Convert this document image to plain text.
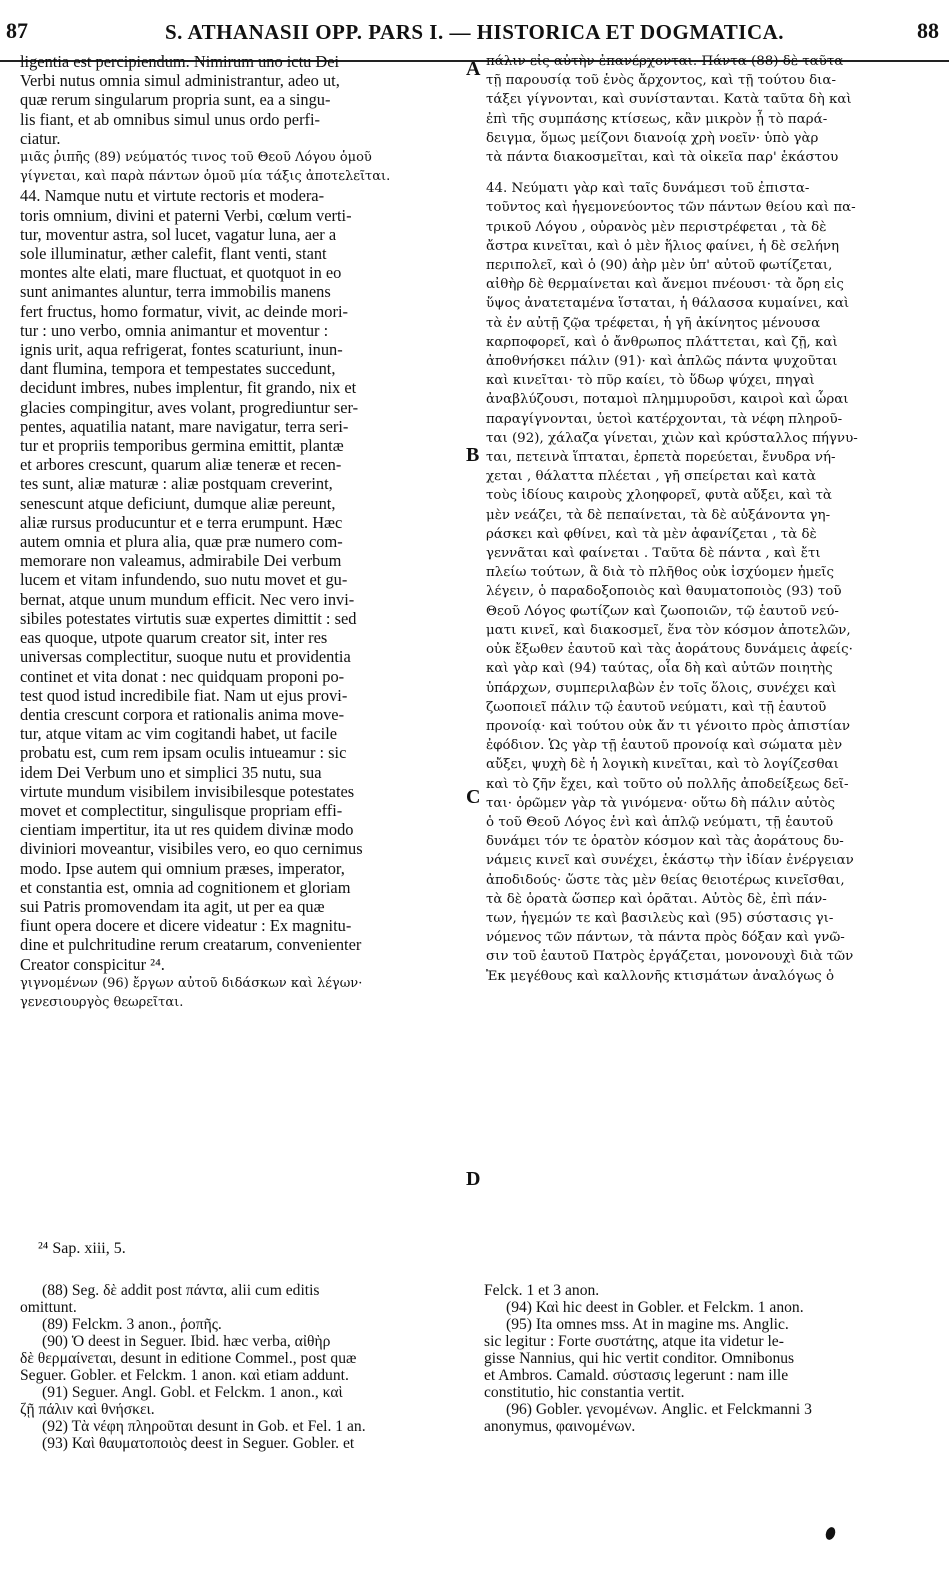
87	S. ATHANASII OPP. PARS I. — HISTORICA ET DOGMATICA.	88
ligentia est percipiendum. Nimirum uno ictu Dei
Verbi nutus omnia simul administrantur, adeo ut,
quæ rerum singularum propria sunt, ea a singu-
lis fiant, et ab omnibus simul unus ordo perfi-
ciatur.
μιᾶς ῥιπῆς (89) νεύματός τινος τοῦ Θεοῦ Λόγου ὁμοῦ
γίγνεται, καὶ παρὰ πάντων ὁμοῦ μία τάξις ἀποτελεῖται.
44. Namque nutu et virtute rectoris et modera-
toris omnium, divini et paterni Verbi, cœlum verti-
tur, moventur astra, sol lucet, vagatur luna, aer a
sole illuminatur, æther calefit, flant venti, stant
montes alte elati, mare fluctuat, et quotquot in eo
sunt animantes aluntur, terra immobilis manens
fert fructus, homo formatur, vivit, ac deinde mori-
tur : uno verbo, omnia animantur et moventur :
ignis urit, aqua refrigerat, fontes scaturiunt, inun-
dant flumina, tempora et tempestates succedunt,
decidunt imbres, nubes implentur, fit grando, nix et
glacies compingitur, aves volant, progrediuntur ser-
pentes, aquatilia natant, mare navigatur, terra seri-
tur et propriis temporibus germina emittit, plantæ
et arbores crescunt, quarum aliæ teneræ et recen-
tes sunt, aliæ maturæ : aliæ postquam creverint,
senescunt atque deficiunt, dumque aliæ pereunt,
aliæ rursus producuntur et e terra erumpunt. Hæc
autem omnia et plura alia, quæ præ numero com-
memorare non valeamus, admirabile Dei verbum
lucem et vitam infundendo, suo nutu movet et gu-
bernat, atque unum mundum efficit. Nec vero invi-
sibiles potestates virtutis suæ expertes dimittit : sed
eas quoque, utpote quarum creator sit, inter res
universas complectitur, suoque nutu et providentia
continet et vita donat : nec quidquam proponi po-
test quod istud incredibile fiat. Nam ut ejus provi-
dentia crescunt corpora et rationalis anima move-
tur, atque vitam ac vim cogitandi habet, ut facile
probatu est, cum rem ipsam oculis intueamur : sic
idem Dei Verbum uno et simplici 35 nutu, sua
virtute mundum visibilem invisibilesque potestates
movet et complectitur, singulisque propriam effi-
cientiam impertitur, ita ut res quidem divinæ modo
diviniori moveantur, visibiles vero, eo quo cernimus
modo. Ipse autem qui omnium præses, imperator,
et constantia est, omnia ad cognitionem et gloriam
sui Patris promovendam ita agit, ut per ea quæ
fiunt opera docere et dicere videatur : Ex magnitu-
dine et pulchritudine rerum creatarum, convenienter
Creator conspicitur ²⁴.
γιγνομένων (96) ἔργων αὐτοῦ διδάσκων καὶ λέγων·
γενεσιουργὸς θεωρεῖται.
πάλιν εἰς αὐτὴν ἐπανέρχονται. Πάντα (88) δὲ ταῦτα
τῇ παρουσίᾳ τοῦ ἑνὸς ἄρχοντος, καὶ τῇ τούτου δια-
τάξει γίγνονται, καὶ συνίστανται. Κατὰ ταῦτα δὴ καὶ
ἐπὶ τῆς συμπάσης κτίσεως, κἂν μικρὸν ᾖ τὸ παρά-
δειγμα, ὅμως μείζονι διανοίᾳ χρὴ νοεῖν· ὑπὸ γὰρ
τὰ πάντα διακοσμεῖται, καὶ τὰ οἰκεῖα παρ' ἑκάστου
44. Νεύματι γὰρ καὶ ταῖς δυνάμεσι τοῦ ἐπιστα-
τοῦντος καὶ ἡγεμονεύοντος τῶν πάντων θείου καὶ πα-
τρικοῦ Λόγου , οὐρανὸς μὲν περιστρέφεται , τὰ δὲ
ἄστρα κινεῖται, καὶ ὁ μὲν ἥλιος φαίνει, ἡ δὲ σελήνη
περιπολεῖ, καὶ ὁ (90) ἀὴρ μὲν ὑπ' αὐτοῦ φωτίζεται,
αἰθὴρ δὲ θερμαίνεται καὶ ἄνεμοι πνέουσι· τὰ ὄρη εἰς
ὕψος ἀνατεταμένα ἵσταται, ἡ θάλασσα κυμαίνει, καὶ
τὰ ἐν αὐτῇ ζῷα τρέφεται, ἡ γῆ ἀκίνητος μένουσα
καρποφορεῖ, καὶ ὁ ἄνθρωπος πλάττεται, καὶ ζῇ, καὶ
ἀποθνήσκει πάλιν (91)· καὶ ἁπλῶς πάντα ψυχοῦται
καὶ κινεῖται· τὸ πῦρ καίει, τὸ ὕδωρ ψύχει, πηγαὶ
ἀναβλύζουσι, ποταμοὶ πλημμυροῦσι, καιροὶ καὶ ὧραι
παραγίγνονται, ὑετοὶ κατέρχονται, τὰ νέφη πληροῦ-
ται (92), χάλαζα γίνεται, χιὼν καὶ κρύσταλλος πήγνυ-
ται, πετεινὰ ἵπταται, ἑρπετὰ πορεύεται, ἔνυδρα νή-
χεται , θάλαττα πλέεται , γῆ σπείρεται καὶ κατὰ
τοὺς ἰδίους καιροὺς χλοηφορεῖ, φυτὰ αὔξει, καὶ τὰ
μὲν νεάζει, τὰ δὲ πεπαίνεται, τὰ δὲ αὐξάνοντα γη-
ράσκει καὶ φθίνει, καὶ τὰ μὲν ἀφανίζεται , τὰ δὲ
γεννᾶται καὶ φαίνεται . Ταῦτα δὲ πάντα , καὶ ἔτι
πλείω τούτων, ἃ διὰ τὸ πλῆθος οὐκ ἰσχύομεν ἡμεῖς
λέγειν, ὁ παραδοξοποιὸς καὶ θαυματοποιὸς (93) τοῦ
Θεοῦ Λόγος φωτίζων καὶ ζωοποιῶν, τῷ ἑαυτοῦ νεύ-
ματι κινεῖ, καὶ διακοσμεῖ, ἕνα τὸν κόσμον ἀποτελῶν,
οὐκ ἔξωθεν ἑαυτοῦ καὶ τὰς ἀοράτους δυνάμεις ἀφείς·
καὶ γὰρ καὶ (94) ταύτας, οἷα δὴ καὶ αὐτῶν ποιητὴς
ὑπάρχων, συμπεριλαβὼν ἐν τοῖς ὅλοις, συνέχει καὶ
ζωοποιεῖ πάλιν τῷ ἑαυτοῦ νεύματι, καὶ τῇ ἑαυτοῦ
προνοίᾳ· καὶ τούτου οὐκ ἄν τι γένοιτο πρὸς ἀπιστίαν
ἐφόδιον. Ὡς γὰρ τῇ ἑαυτοῦ προνοίᾳ καὶ σώματα μὲν
αὔξει, ψυχὴ δὲ ἡ λογικὴ κινεῖται, καὶ τὸ λογίζεσθαι
καὶ τὸ ζῆν ἔχει, καὶ τοῦτο οὐ πολλῆς ἀποδείξεως δεῖ-
ται· ὁρῶμεν γὰρ τὰ γινόμενα· οὕτω δὴ πάλιν αὐτὸς
ὁ τοῦ Θεοῦ Λόγος ἑνὶ καὶ ἁπλῷ νεύματι, τῇ ἑαυτοῦ
δυνάμει τόν τε ὁρατὸν κόσμον καὶ τὰς ἀοράτους δυ-
νάμεις κινεῖ καὶ συνέχει, ἑκάστῳ τὴν ἰδίαν ἐνέργειαν
ἀποδιδούς· ὥστε τὰς μὲν θείας θειοτέρως κινεῖσθαι,
τὰ δὲ ὁρατὰ ὥσπερ καὶ ὁρᾶται. Αὐτὸς δὲ, ἐπὶ πάν-
των, ἡγεμών τε καὶ βασιλεὺς καὶ (95) σύστασις γι-
νόμενος τῶν πάντων, τὰ πάντα πρὸς δόξαν καὶ γνῶ-
σιν τοῦ ἑαυτοῦ Πατρὸς ἐργάζεται, μονονουχὶ διὰ τῶν
Ἐκ μεγέθους καὶ καλλονῆς κτισμάτων ἀναλόγως ὁ
A
B
C
D
²⁴ Sap. xiii, 5.
(88) Seg. δὲ addit post πάντα, alii cum editis
omittunt.
(89) Felckm. 3 anon., ῥοπῆς.
(90) Ὁ deest in Seguer. Ibid. hæc verba, αἰθὴρ
δὲ θερμαίνεται, desunt in editione Commel., post quæ
Seguer. Gobler. et Felckm. 1 anon. καὶ etiam addunt.
(91) Seguer. Angl. Gobl. et Felckm. 1 anon., καὶ
ζῇ πάλιν καὶ θνήσκει.
(92) Τὰ νέφη πληροῦται desunt in Gob. et Fel. 1 an.
(93) Καὶ θαυματοποιὸς deest in Seguer. Gobler. et
Felck. 1 et 3 anon.
(94) Καὶ hic deest in Gobler. et Felckm. 1 anon.
(95) Ita omnes mss. At in magine ms. Anglic.
sic legitur : Forte συστάτης, atque ita videtur le-
gisse Nannius, qui hic vertit conditor. Omnibonus
et Ambros. Camald. σύστασις legerunt : nam ille
constitutio, hic constantia vertit.
(96) Gobler. γενομένων. Anglic. et Felckmanni 3
anonymus, φαινομένων.
